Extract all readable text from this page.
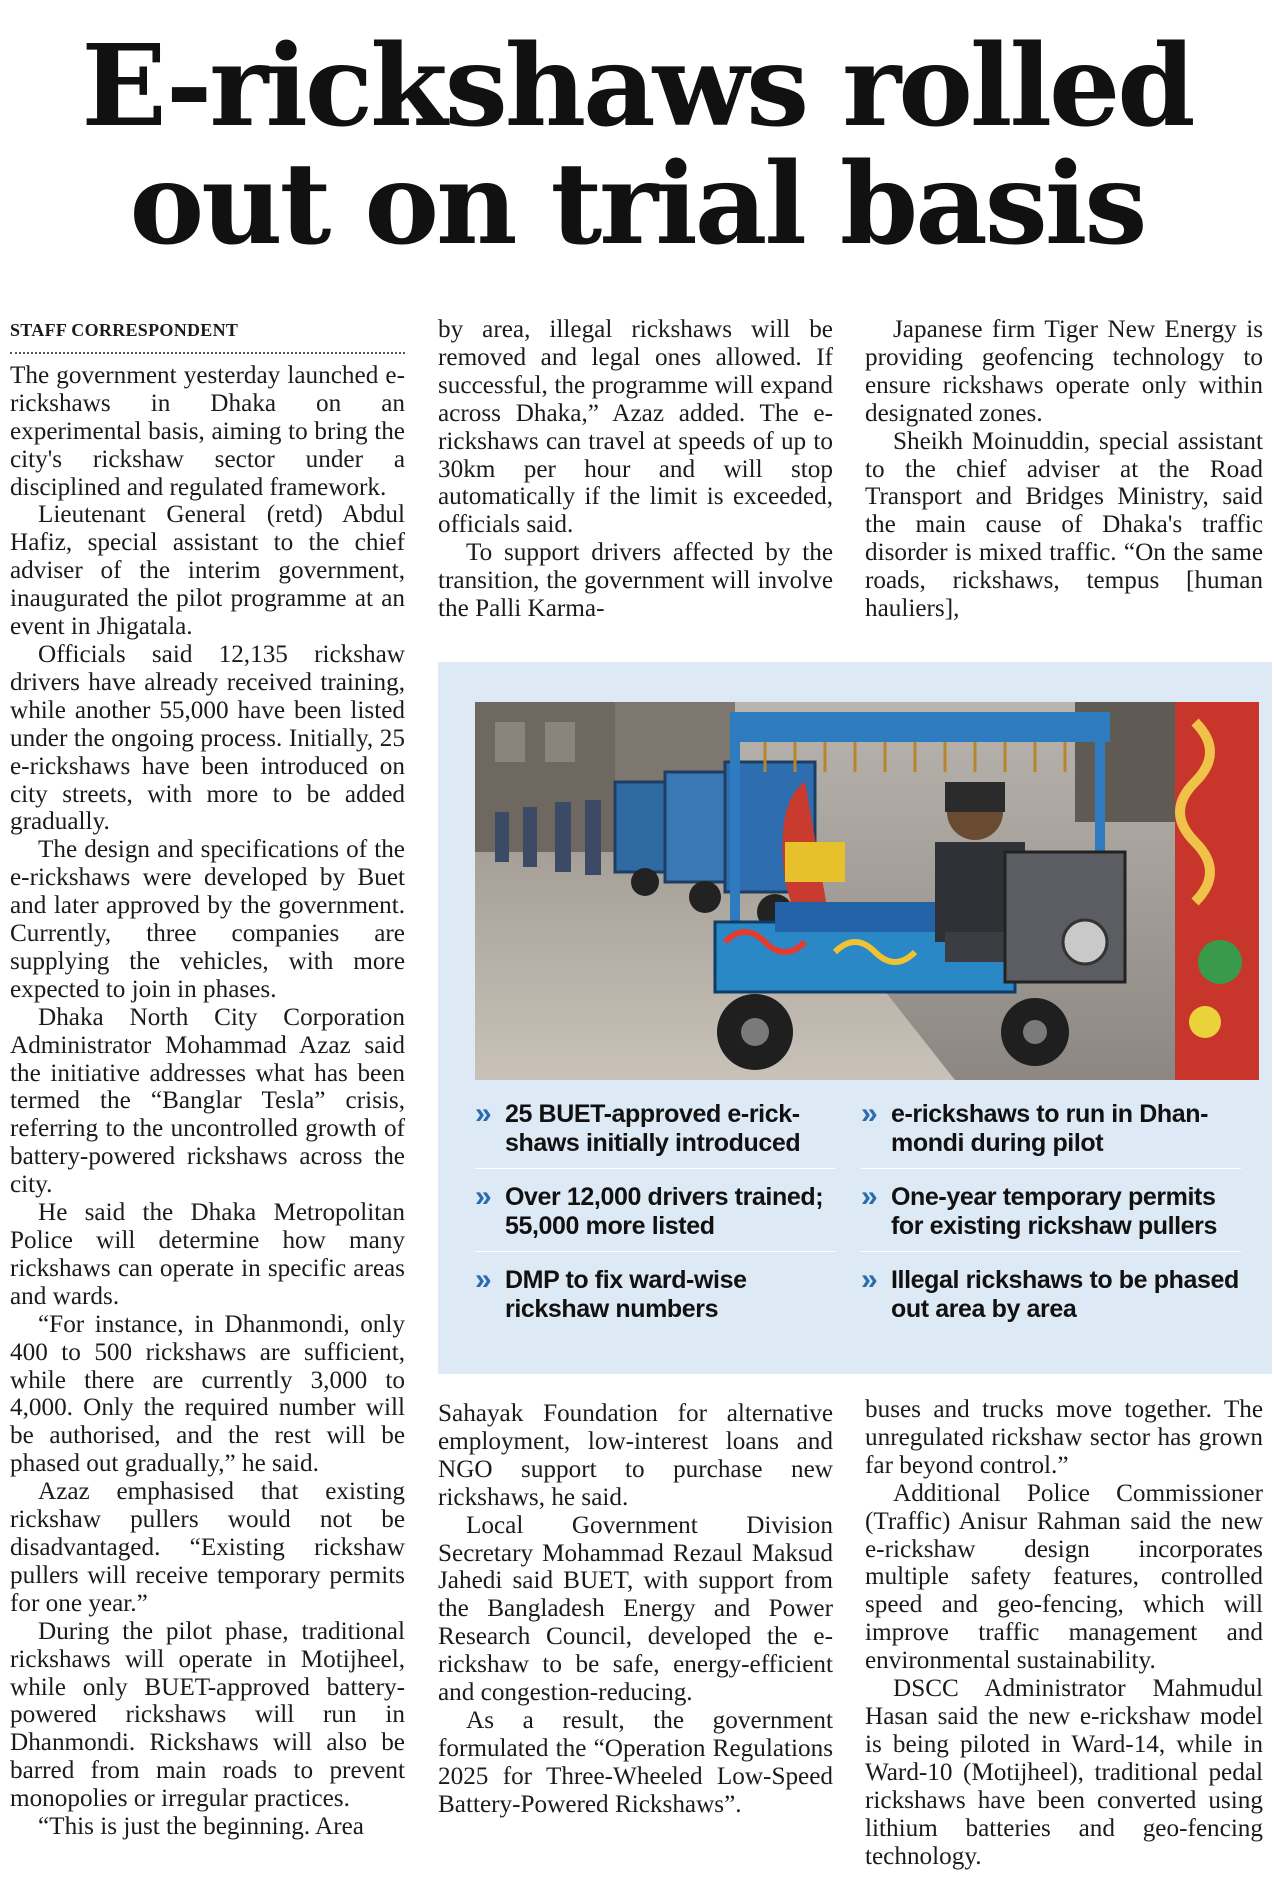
E-rickshaws rolled
out on trial basis
STAFF CORRESPONDENT

The government yesterday launched e-rickshaws in Dhaka on an experimental basis, aiming to bring the city's rickshaw sector under a disciplined and regulated framework.

Lieutenant General (retd) Abdul Hafiz, special assistant to the chief adviser of the interim government, inaugurated the pilot programme at an event in Jhigatala.

Officials said 12,135 rickshaw drivers have already received training, while another 55,000 have been listed under the ongoing process. Initially, 25 e-rickshaws have been introduced on city streets, with more to be added gradually.

The design and specifications of the e-rickshaws were developed by Buet and later approved by the government. Currently, three companies are supplying the vehicles, with more expected to join in phases.

Dhaka North City Corporation Administrator Mohammad Azaz said the initiative addresses what has been termed the “Banglar Tesla” crisis, referring to the uncontrolled growth of battery-powered rickshaws across the city.

He said the Dhaka Metropolitan Police will determine how many rickshaws can operate in specific areas and wards.

“For instance, in Dhanmondi, only 400 to 500 rickshaws are sufficient, while there are currently 3,000 to 4,000. Only the required number will be authorised, and the rest will be phased out gradually,” he said.

Azaz emphasised that existing rickshaw pullers would not be disadvantaged. “Existing rickshaw pullers will receive temporary permits for one year.”

During the pilot phase, traditional rickshaws will operate in Motijheel, while only BUET-approved battery-powered rickshaws will run in Dhanmondi. Rickshaws will also be barred from main roads to prevent monopolies or irregular practices.

“This is just the beginning. Area

by area, illegal rickshaws will be removed and legal ones allowed. If successful, the programme will expand across Dhaka,” Azaz added. The e-rickshaws can travel at speeds of up to 30km per hour and will stop automatically if the limit is exceeded, officials said.

To support drivers affected by the transition, the government will involve the Palli Karma-

Japanese firm Tiger New Energy is providing geofencing technology to ensure rickshaws operate only within designated zones.

Sheikh Moinuddin, special assistant to the chief adviser at the Road Transport and Bridges Ministry, said the main cause of Dhaka's traffic disorder is mixed traffic. “On the same roads, rickshaws, tempus [human hauliers],

» 25 BUET-approved e-rick-shaws initially introduced
» Over 12,000 drivers trained; 55,000 more listed
» DMP to fix ward-wise rickshaw numbers
» e-rickshaws to run in Dhan-mondi during pilot
» One-year temporary permits for existing rickshaw pullers
» Illegal rickshaws to be phased out area by area

Sahayak Foundation for alternative employment, low-interest loans and NGO support to purchase new rickshaws, he said.

Local Government Division Secretary Mohammad Rezaul Maksud Jahedi said BUET, with support from the Bangladesh Energy and Power Research Council, developed the e-rickshaw to be safe, energy-efficient and congestion-reducing.

As a result, the government formulated the “Operation Regulations 2025 for Three-Wheeled Low-Speed Battery-Powered Rickshaws”.

buses and trucks move together. The unregulated rickshaw sector has grown far beyond control.”

Additional Police Commissioner (Traffic) Anisur Rahman said the new e-rickshaw design incorporates multiple safety features, controlled speed and geo-fencing, which will improve traffic management and environmental sustainability.

DSCC Administrator Mahmudul Hasan said the new e-rickshaw model is being piloted in Ward-14, while in Ward-10 (Motijheel), traditional pedal rickshaws have been converted using lithium batteries and geo-fencing technology.
